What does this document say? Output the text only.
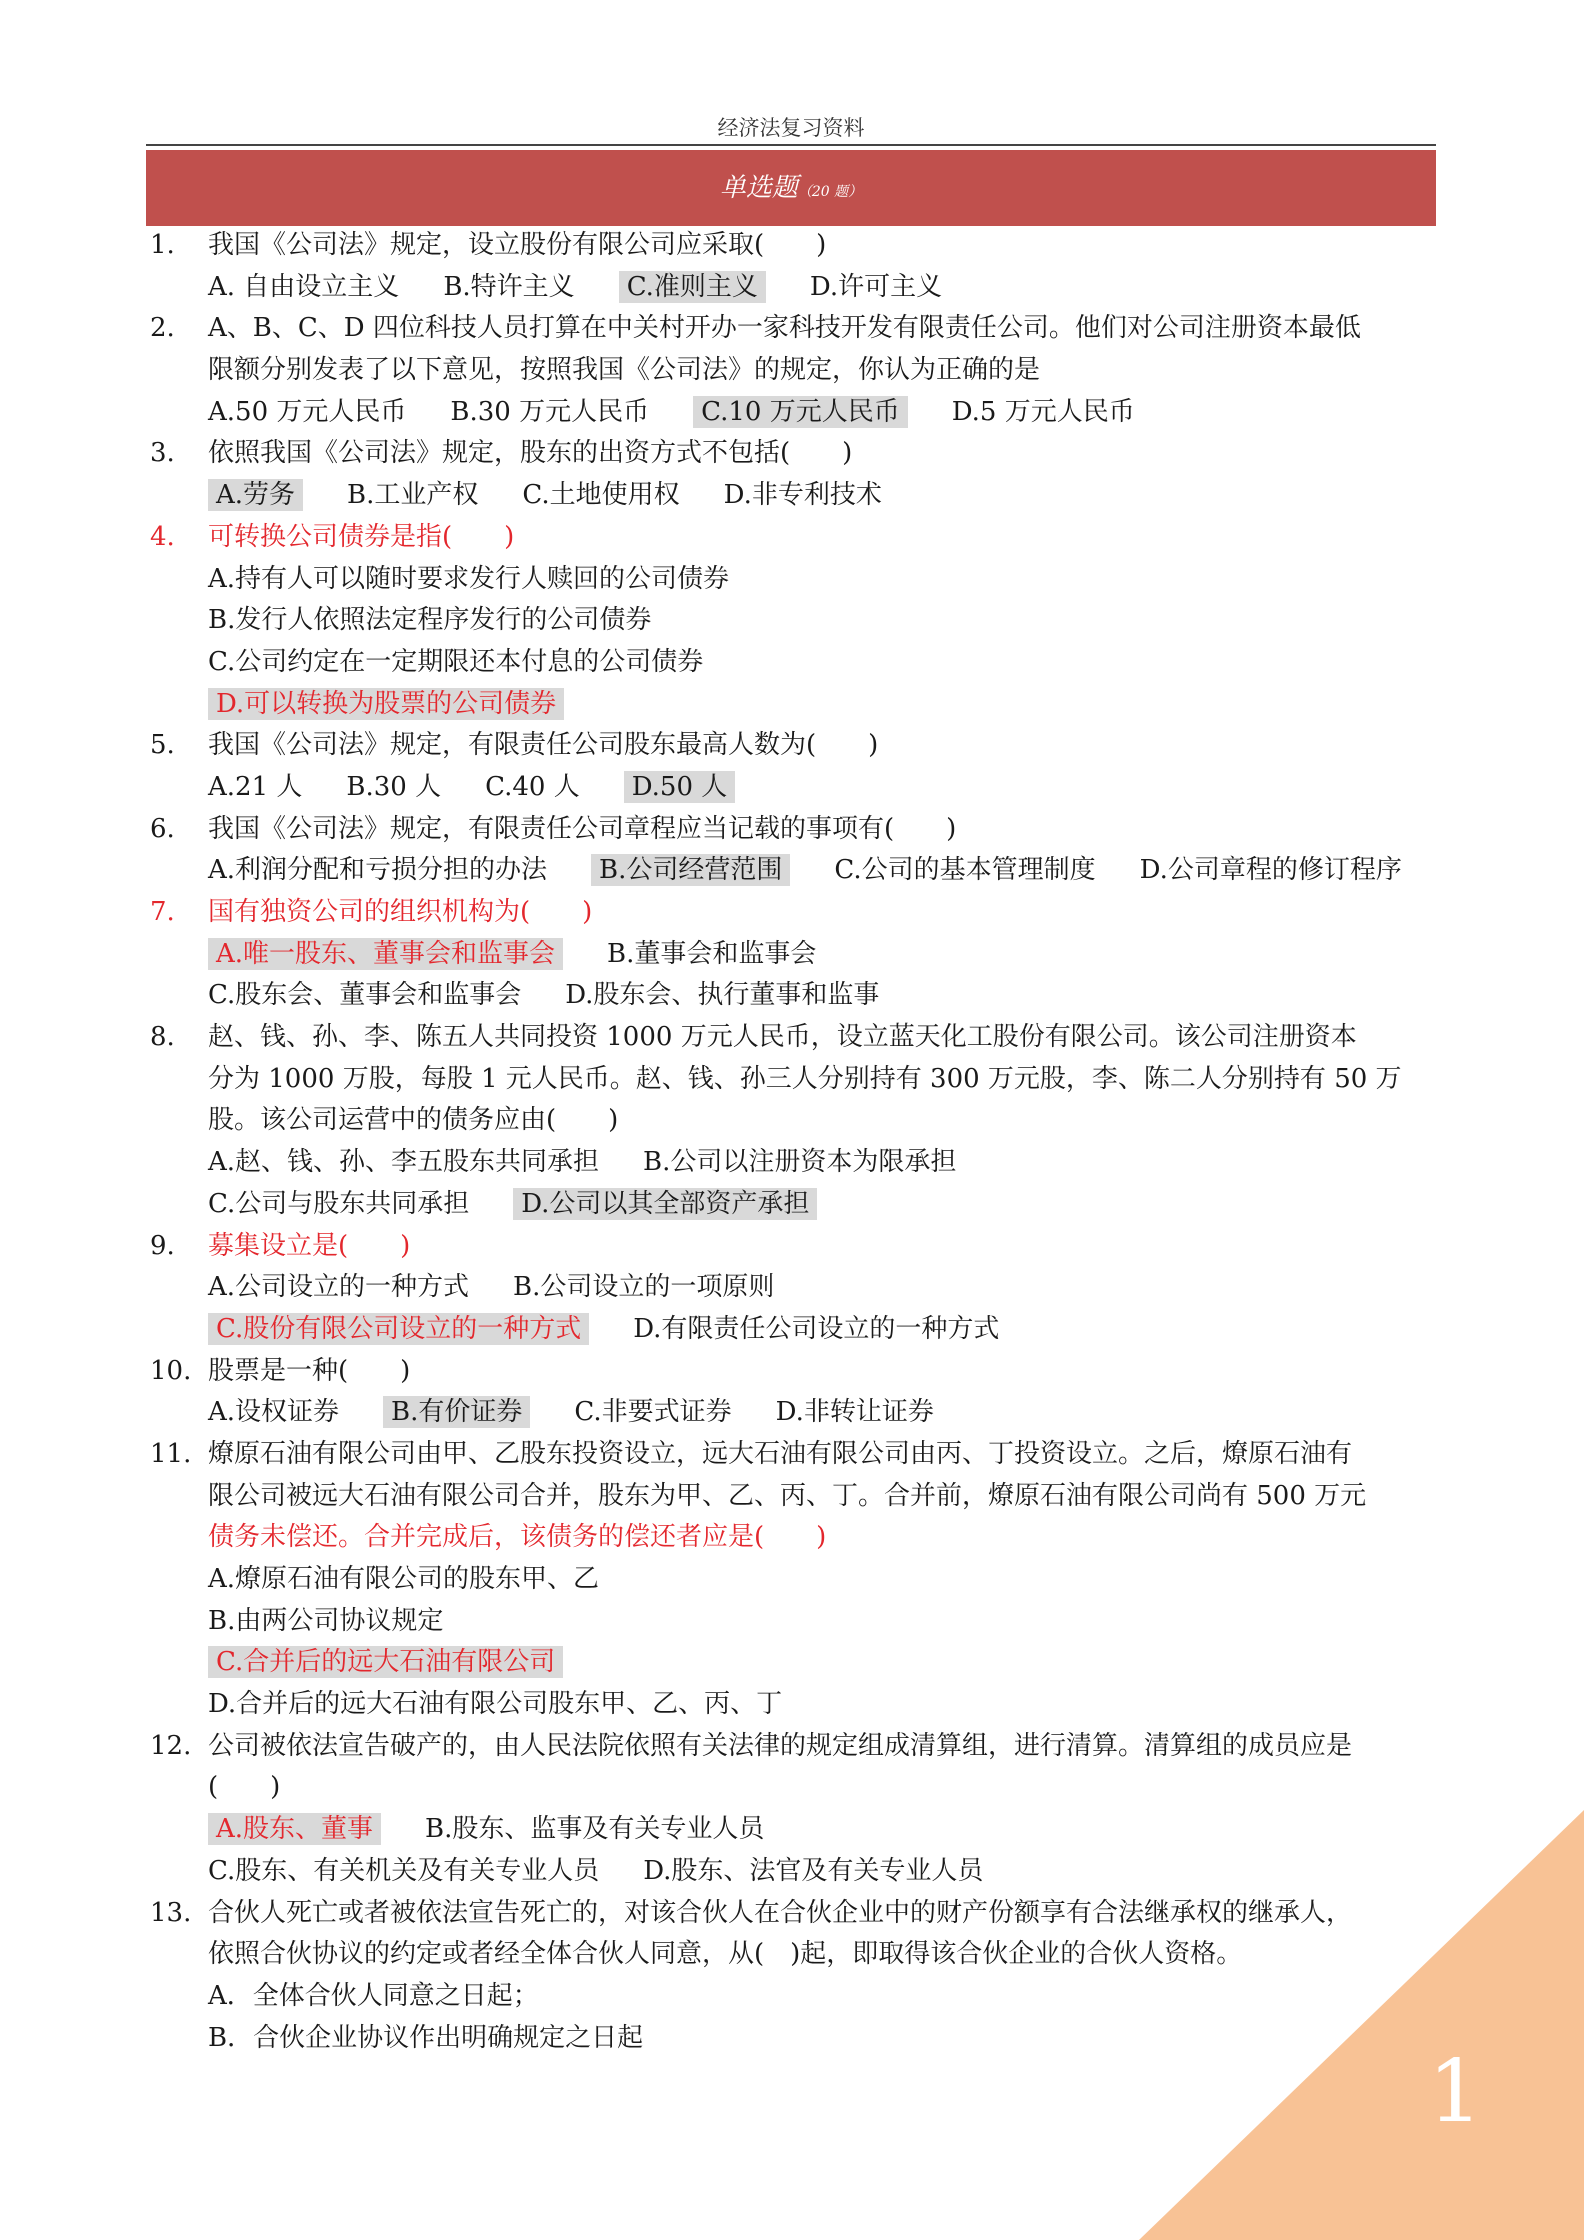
经济法复习资料
单选题（20 题）
1.	我国《公司法》规定，设立股份有限公司应采取(　　)
A. 自由设立主义 B.特许主义 C.准则主义 D.许可主义
2.	A、B、C、D 四位科技人员打算在中关村开办一家科技开发有限责任公司。他们对公司注册资本最低
限额分别发表了以下意见，按照我国《公司法》的规定，你认为正确的是
A.50 万元人民币 B.30 万元人民币 C.10 万元人民币 D.5 万元人民币
3.	依照我国《公司法》规定，股东的出资方式不包括(　　)
A.劳务 B.工业产权 C.土地使用权 D.非专利技术
4.	可转换公司债券是指(　　)
A.持有人可以随时要求发行人赎回的公司债券
B.发行人依照法定程序发行的公司债券
C.公司约定在一定期限还本付息的公司债券
D.可以转换为股票的公司债券
5.	我国《公司法》规定，有限责任公司股东最高人数为(　　)
A.21 人 B.30 人 C.40 人 D.50 人
6.	我国《公司法》规定，有限责任公司章程应当记载的事项有(　　)
A.利润分配和亏损分担的办法 B.公司经营范围 C.公司的基本管理制度 D.公司章程的修订程序
7.	国有独资公司的组织机构为(　　)
A.唯一股东、董事会和监事会 B.董事会和监事会
C.股东会、董事会和监事会 D.股东会、执行董事和监事
8.	赵、钱、孙、李、陈五人共同投资 1000 万元人民币，设立蓝天化工股份有限公司。该公司注册资本
分为 1000 万股，每股 1 元人民币。赵、钱、孙三人分别持有 300 万元股，李、陈二人分别持有 50 万
股。该公司运营中的债务应由(　　)
A.赵、钱、孙、李五股东共同承担 B.公司以注册资本为限承担
C.公司与股东共同承担 D.公司以其全部资产承担
9.	募集设立是(　　)
A.公司设立的一种方式 B.公司设立的一项原则
C.股份有限公司设立的一种方式 D.有限责任公司设立的一种方式
10. 股票是一种(　　)
A.设权证券 B.有价证券 C.非要式证券 D.非转让证券
11. 燎原石油有限公司由甲、乙股东投资设立，远大石油有限公司由丙、丁投资设立。之后，燎原石油有
限公司被远大石油有限公司合并，股东为甲、乙、丙、丁。合并前，燎原石油有限公司尚有 500 万元
债务未偿还。合并完成后，该债务的偿还者应是(　　)
A.燎原石油有限公司的股东甲、乙
B.由两公司协议规定
C.合并后的远大石油有限公司
D.合并后的远大石油有限公司股东甲、乙、丙、丁
12. 公司被依法宣告破产的，由人民法院依照有关法律的规定组成清算组，进行清算。清算组的成员应是
(　　)
A.股东、董事 B.股东、监事及有关专业人员
C.股东、有关机关及有关专业人员 D.股东、法官及有关专业人员
13. 合伙人死亡或者被依法宣告死亡的，对该合伙人在合伙企业中的财产份额享有合法继承权的继承人，
依照合伙协议的约定或者经全体合伙人同意，从(　)起，即取得该合伙企业的合伙人资格。
A．全体合伙人同意之日起；
B．合伙企业协议作出明确规定之日起
1
